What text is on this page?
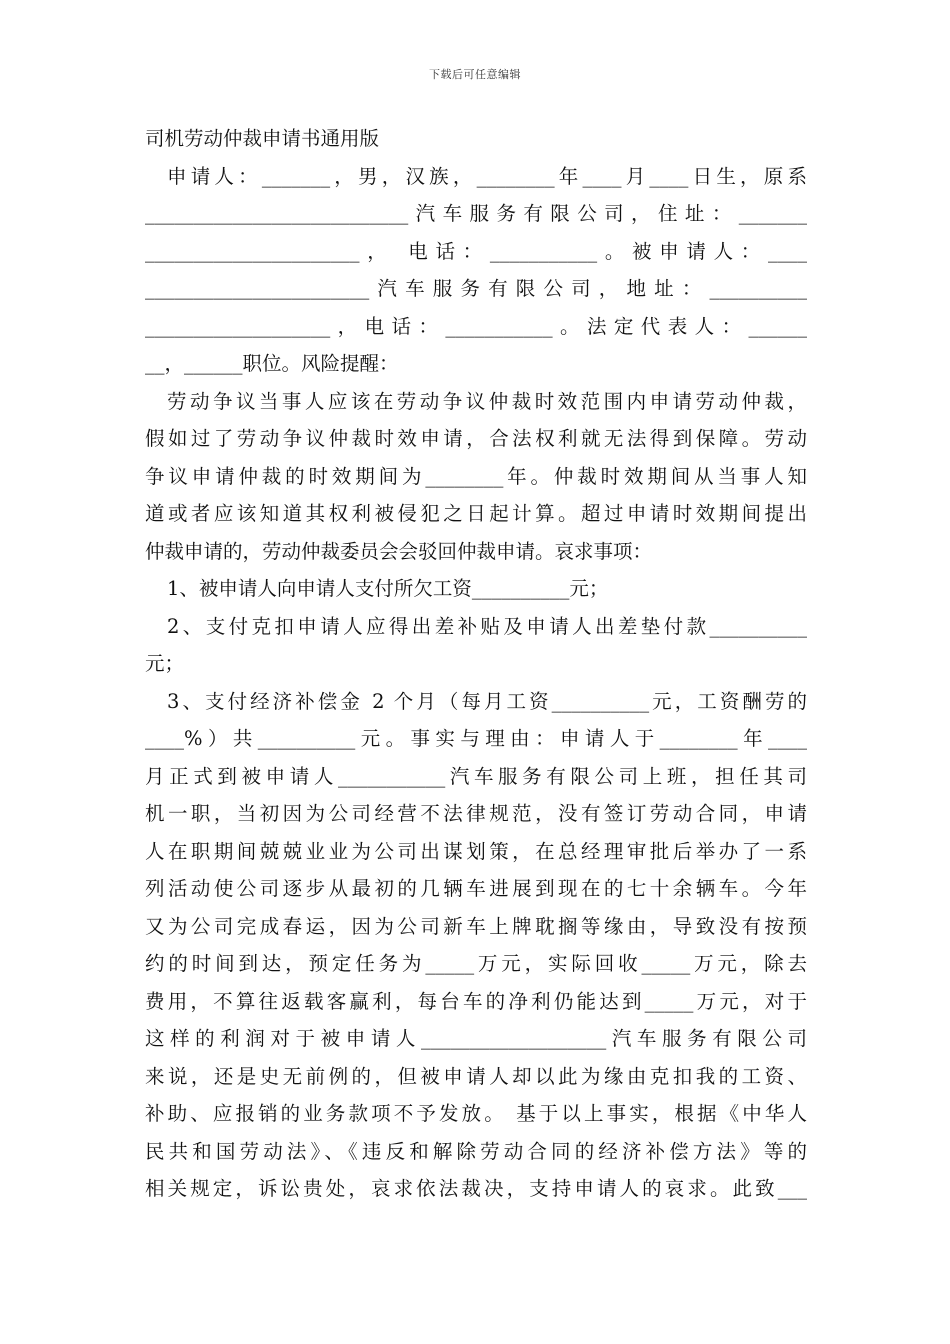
下载后可任意编辑
司机劳动仲裁申请书通用版
申请人：_______，男，汉族，________年____月____日生，原系
___________________________汽车服务有限公司，住址：_______
______________________， 电话：___________。被申请人：____
_______________________汽车服务有限公司，地址：__________
___________________，电话：___________。法定代表人：______
__，______职位。风险提醒：
劳动争议当事人应该在劳动争议仲裁时效范围内申请劳动仲裁，
假如过了劳动争议仲裁时效申请，合法权利就无法得到保障。劳动
争议申请仲裁的时效期间为________年。仲裁时效期间从当事人知
道或者应该知道其权利被侵犯之日起计算。超过申请时效期间提出
仲裁申请的，劳动仲裁委员会会驳回仲裁申请。哀求事项：
1、被申请人向申请人支付所欠工资__________元；
2、支付克扣申请人应得出差补贴及申请人出差垫付款__________
元；
3、支付经济补偿金 2 个月（每月工资__________元，工资酬劳的
____%）共__________元。事实与理由：申请人于________年____
月正式到被申请人___________汽车服务有限公司上班，担任其司
机一职，当初因为公司经营不法律规范，没有签订劳动合同，申请
人在职期间兢兢业业为公司出谋划策，在总经理审批后举办了一系
列活动使公司逐步从最初的几辆车进展到现在的七十余辆车。今年
又为公司完成春运，因为公司新车上牌耽搁等缘由，导致没有按预
约的时间到达，预定任务为_____万元，实际回收_____万元，除去
费用，不算往返载客赢利，每台车的净利仍能达到_____万元，对于
这样的利润对于被申请人___________________汽车服务有限公司
来说，还是史无前例的，但被申请人却以此为缘由克扣我的工资、
补助、应报销的业务款项不予发放。 基于以上事实，根据《中华人
民共和国劳动法》、《违反和解除劳动合同的经济补偿方法》等的
相关规定，诉讼贵处，哀求依法裁决，支持申请人的哀求。此致___
